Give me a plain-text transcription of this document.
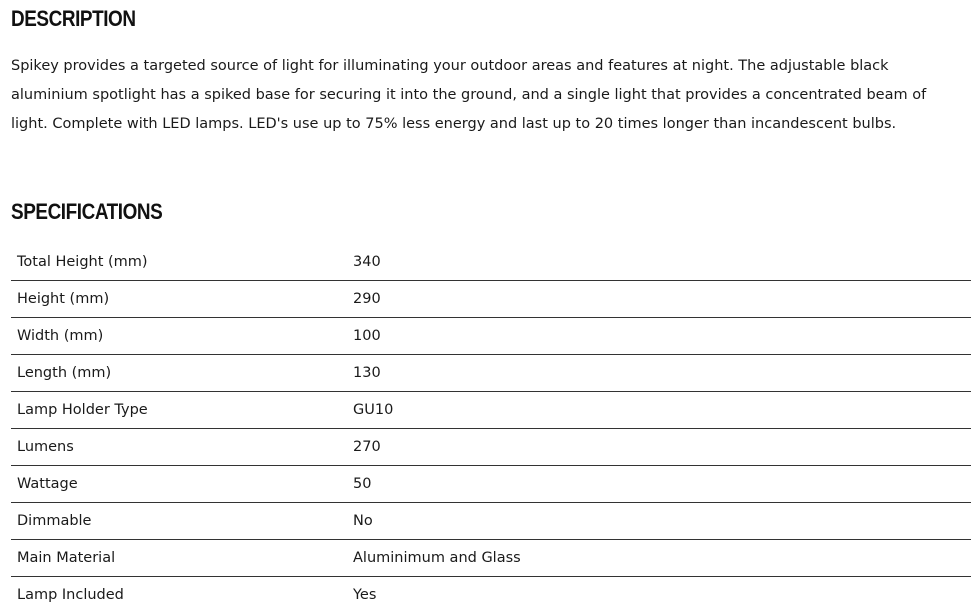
DESCRIPTION

Spikey provides a targeted source of light for illuminating your outdoor areas and features at night. The adjustable black aluminium spotlight has a spiked base for securing it into the ground, and a single light that provides a concentrated beam of light. Complete with LED lamps. LED's use up to 75% less energy and last up to 20 times longer than incandescent bulbs.

SPECIFICATIONS
Total Height (mm)	340
Height (mm)	290
Width (mm)	100
Length (mm)	130
Lamp Holder Type	GU10
Lumens	270
Wattage	50
Dimmable	No
Main Material	Aluminimum and Glass
Lamp Included	Yes
